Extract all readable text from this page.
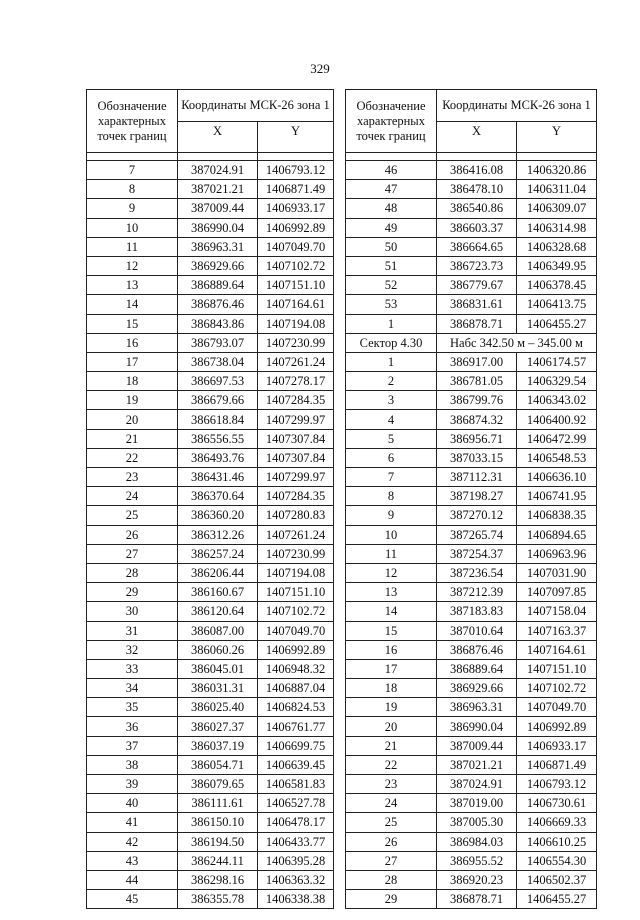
329
Обозначение характерных точек границ	Координаты МСК-26 зона 1	
	X	Y

7	387024.91	1406793.12
8	387021.21	1406871.49
9	387009.44	1406933.17
10	386990.04	1406992.89
11	386963.31	1407049.70
12	386929.66	1407102.72
13	386889.64	1407151.10
14	386876.46	1407164.61
15	386843.86	1407194.08
16	386793.07	1407230.99
17	386738.04	1407261.24
18	386697.53	1407278.17
19	386679.66	1407284.35
20	386618.84	1407299.97
21	386556.55	1407307.84
22	386493.76	1407307.84
23	386431.46	1407299.97
24	386370.64	1407284.35
25	386360.20	1407280.83
26	386312.26	1407261.24
27	386257.24	1407230.99
28	386206.44	1407194.08
29	386160.67	1407151.10
30	386120.64	1407102.72
31	386087.00	1407049.70
32	386060.26	1406992.89
33	386045.01	1406948.32
34	386031.31	1406887.04
35	386025.40	1406824.53
36	386027.37	1406761.77
37	386037.19	1406699.75
38	386054.71	1406639.45
39	386079.65	1406581.83
40	386111.61	1406527.78
41	386150.10	1406478.17
42	386194.50	1406433.77
43	386244.11	1406395.28
44	386298.16	1406363.32
45	386355.78	1406338.38
Обозначение характерных точек границ	Координаты МСК-26 зона 1	
	X	Y

46	386416.08	1406320.86
47	386478.10	1406311.04
48	386540.86	1406309.07
49	386603.37	1406314.98
50	386664.65	1406328.68
51	386723.73	1406349.95
52	386779.67	1406378.45
53	386831.61	1406413.75
1	386878.71	1406455.27
Сектор 4.30	Набс 342.50 м – 345.00 м	
1	386917.00	1406174.57
2	386781.05	1406329.54
3	386799.76	1406343.02
4	386874.32	1406400.92
5	386956.71	1406472.99
6	387033.15	1406548.53
7	387112.31	1406636.10
8	387198.27	1406741.95
9	387270.12	1406838.35
10	387265.74	1406894.65
11	387254.37	1406963.96
12	387236.54	1407031.90
13	387212.39	1407097.85
14	387183.83	1407158.04
15	387010.64	1407163.37
16	386876.46	1407164.61
17	386889.64	1407151.10
18	386929.66	1407102.72
19	386963.31	1407049.70
20	386990.04	1406992.89
21	387009.44	1406933.17
22	387021.21	1406871.49
23	387024.91	1406793.12
24	387019.00	1406730.61
25	387005.30	1406669.33
26	386984.03	1406610.25
27	386955.52	1406554.30
28	386920.23	1406502.37
29	386878.71	1406455.27
